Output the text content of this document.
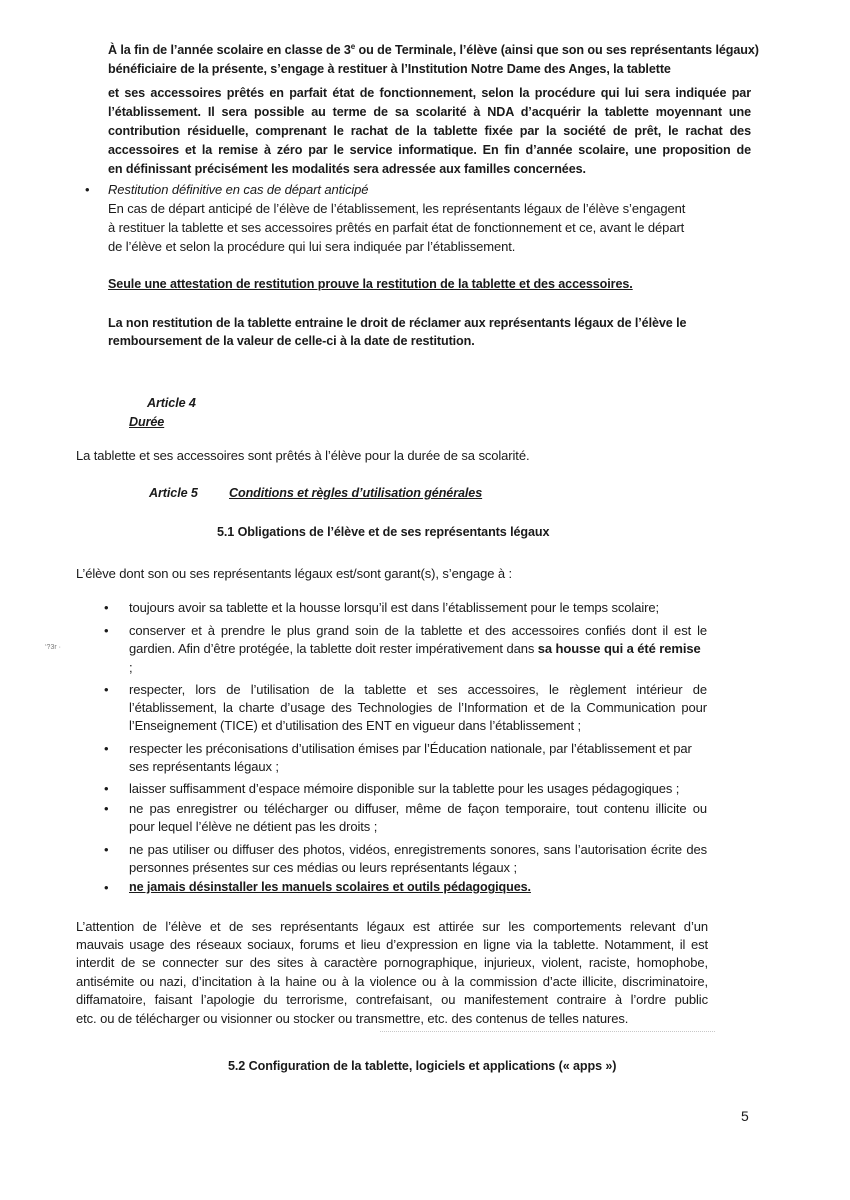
À la fin de l’année scolaire en classe de 3e ou de Terminale, l’élève (ainsi que son ou ses représentants légaux)
bénéficiaire de la présente, s’engage à restituer à l’Institution Notre Dame des Anges, la tablette
et ses accessoires prêtés en parfait état de fonctionnement, selon la procédure qui lui sera indiquée par
l’établissement. Il sera possible au terme de sa scolarité à NDA d’acquérir la tablette moyennant une
contribution résiduelle, comprenant le rachat de la tablette fixée par la société de prêt, le rachat des
accessoires et la remise à zéro par le service informatique. En fin d’année scolaire, une proposition de
en définissant précisément les modalités sera adressée aux familles concernées.
• Restitution définitive en cas de départ anticipé
En cas de départ anticipé de l’élève de l’établissement, les représentants légaux de l’élève s’engagent
à restituer la tablette et ses accessoires prêtés en parfait état de fonctionnement et ce, avant le départ
de l’élève et selon la procédure qui lui sera indiquée par l’établissement.
Seule une attestation de restitution prouve la restitution de la tablette et des accessoires.
La non restitution de la tablette entraine le droit de réclamer aux représentants légaux de l’élève le
remboursement de la valeur de celle-ci à la date de restitution.
Article 4
Durée
La tablette et ses accessoires sont prêtés à l’élève pour la durée de sa scolarité.
Article 5 Conditions et règles d’utilisation générales
5.1 Obligations de l’élève et de ses représentants légaux
L’élève dont son ou ses représentants légaux est/sont garant(s), s’engage à :
• toujours avoir sa tablette et la housse lorsqu’il est dans l’établissement pour le temps scolaire;
• conserver et à prendre le plus grand soin de la tablette et des accessoires confiés dont il est le
gardien. Afin d’être protégée, la tablette doit rester impérativement dans sa housse qui a été remise
;
• respecter, lors de l’utilisation de la tablette et ses accessoires, le règlement intérieur de
l’établissement, la charte d’usage des Technologies de l’Information et de la Communication pour
l’Enseignement (TICE) et d’utilisation des ENT en vigueur dans l’établissement ;
• respecter les préconisations d’utilisation émises par l’Éducation nationale, par l’établissement et par
ses représentants légaux ;
• laisser suffisamment d’espace mémoire disponible sur la tablette pour les usages pédagogiques ;
• ne pas enregistrer ou télécharger ou diffuser, même de façon temporaire, tout contenu illicite ou
pour lequel l’élève ne détient pas les droits ;
• ne pas utiliser ou diffuser des photos, vidéos, enregistrements sonores, sans l’autorisation écrite des
personnes présentes sur ces médias ou leurs représentants légaux ;
• ne jamais désinstaller les manuels scolaires et outils pédagogiques.
L’attention de l’élève et de ses représentants légaux est attirée sur les comportements relevant d’un
mauvais usage des réseaux sociaux, forums et lieu d’expression en ligne via la tablette. Notamment, il est
interdit de se connecter sur des sites à caractère pornographique, injurieux, violent, raciste, homophobe,
antisémite ou nazi, d’incitation à la haine ou à la violence ou à la commission d’acte illicite, discriminatoire,
diffamatoire, faisant l’apologie du terrorisme, contrefaisant, ou manifestement contraire à l’ordre public
etc. ou de télécharger ou visionner ou stocker ou transmettre, etc. des contenus de telles natures.
5.2 Configuration de la tablette, logiciels et applications (« apps »)
5
‘?3r ·
